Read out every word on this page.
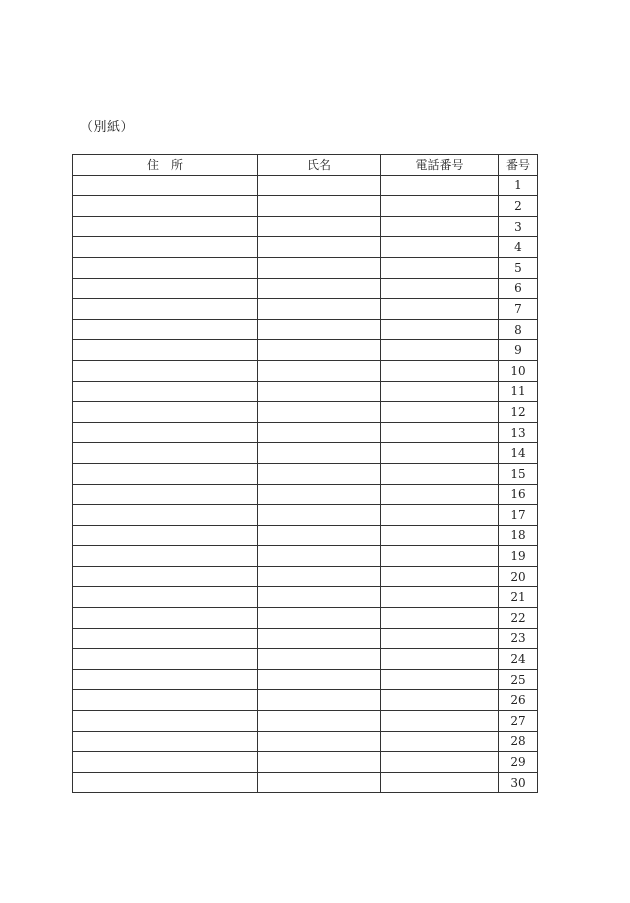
（別紙）
住　所	氏名	電話番号	番号
			1
			2
			3
			4
			5
			6
			7
			8
			9
			10
			11
			12
			13
			14
			15
			16
			17
			18
			19
			20
			21
			22
			23
			24
			25
			26
			27
			28
			29
			30
